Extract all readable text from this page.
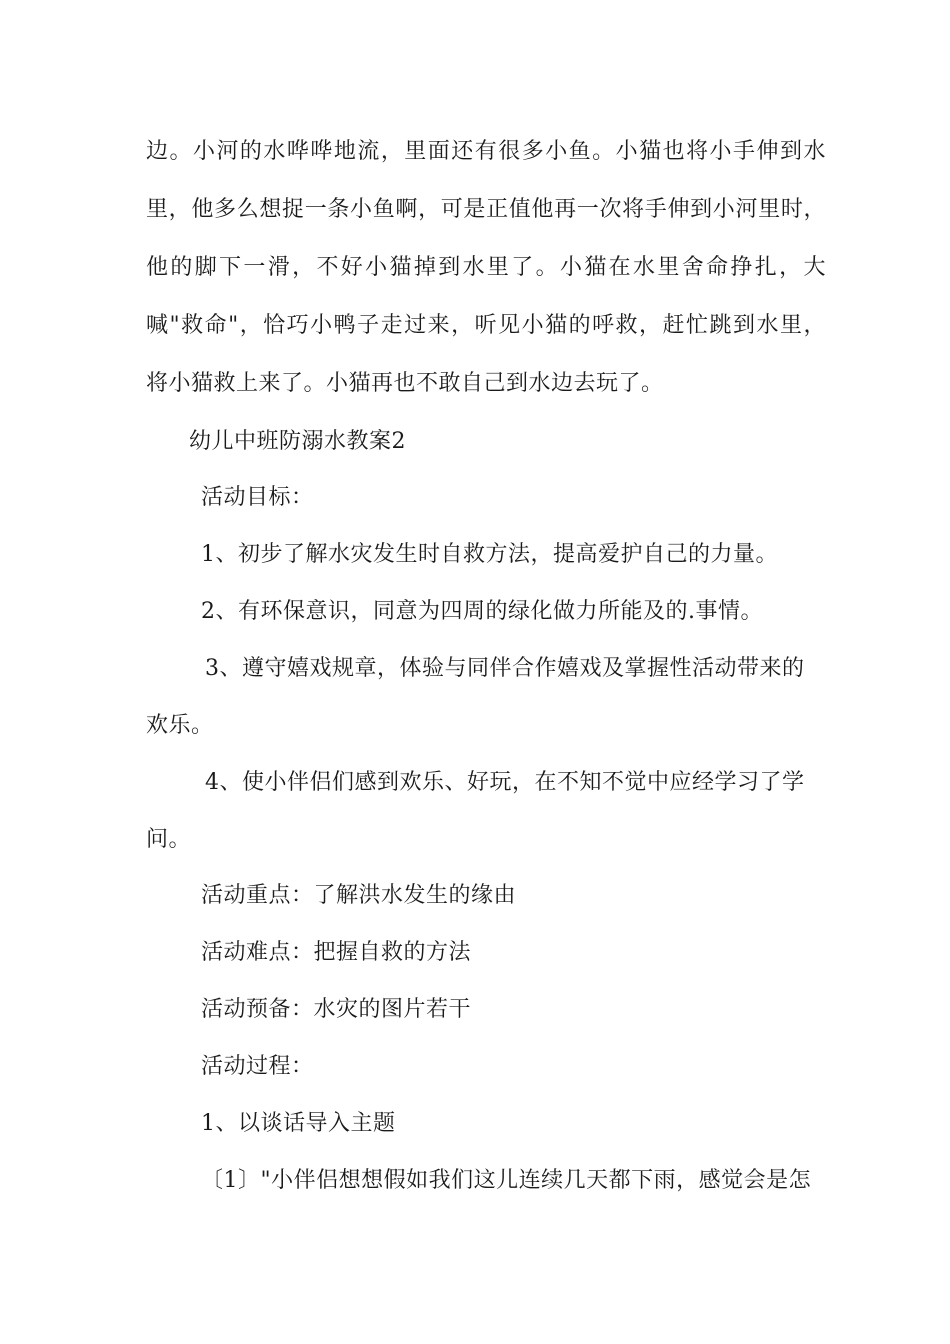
边。小河的水哗哗地流，里面还有很多小鱼。小猫也将小手伸到水
里，他多么想捉一条小鱼啊，可是正值他再一次将手伸到小河里时，
他的脚下一滑，不好小猫掉到水里了。小猫在水里舍命挣扎，大
喊"救命"，恰巧小鸭子走过来，听见小猫的呼救，赶忙跳到水里，
将小猫救上来了。小猫再也不敢自己到水边去玩了。
幼儿中班防溺水教案2
活动目标：
1、初步了解水灾发生时自救方法，提高爱护自己的力量。
2、有环保意识，同意为四周的绿化做力所能及的.事情。
3、遵守嬉戏规章，体验与同伴合作嬉戏及掌握性活动带来的
欢乐。
4、使小伴侣们感到欢乐、好玩，在不知不觉中应经学习了学
问。
活动重点：了解洪水发生的缘由
活动难点：把握自救的方法
活动预备：水灾的图片若干
活动过程：
1、以谈话导入主题
〔1〕"小伴侣想想假如我们这儿连续几天都下雨，感觉会是怎
